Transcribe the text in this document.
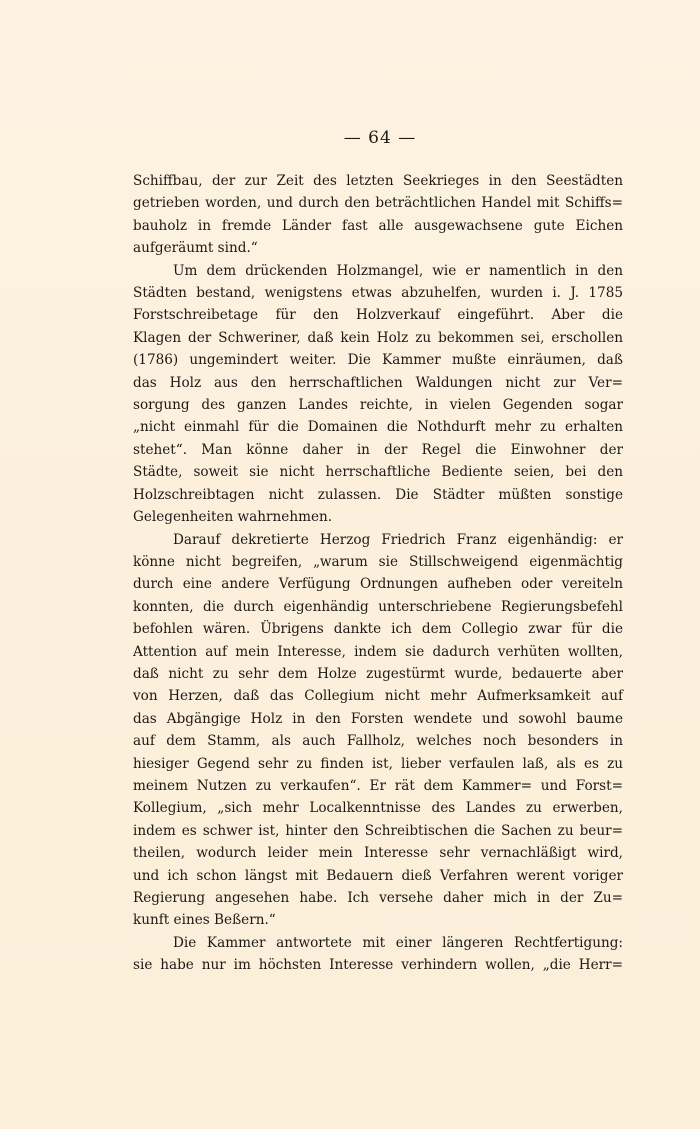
— 64 —

Schiffbau, der zur Zeit des letzten Seekrieges in den Seestädten

getrieben worden, und durch den beträchtlichen Handel mit Schiffs=

bauholz in fremde Länder fast alle ausgewachsene gute Eichen

aufgeräumt sind.“

Um dem drückenden Holzmangel, wie er namentlich in den

Städten bestand, wenigstens etwas abzuhelfen, wurden i. J. 1785

Forstschreibetage für den Holzverkauf eingeführt. Aber die

Klagen der Schweriner, daß kein Holz zu bekommen sei, erschollen

(1786) ungemindert weiter. Die Kammer mußte einräumen, daß

das Holz aus den herrschaftlichen Waldungen nicht zur Ver=

sorgung des ganzen Landes reichte, in vielen Gegenden sogar

„nicht einmahl für die Domainen die Nothdurft mehr zu erhalten

stehet“. Man könne daher in der Regel die Einwohner der

Städte, soweit sie nicht herrschaftliche Bediente seien, bei den

Holzschreibtagen nicht zulassen. Die Städter müßten sonstige

Gelegenheiten wahrnehmen.

Darauf dekretierte Herzog Friedrich Franz eigenhändig: er

könne nicht begreifen, „warum sie Stillschweigend eigenmächtig

durch eine andere Verfügung Ordnungen aufheben oder vereiteln

konnten, die durch eigenhändig unterschriebene Regierungsbefehl

befohlen wären. Übrigens dankte ich dem Collegio zwar für die

Attention auf mein Interesse, indem sie dadurch verhüten wollten,

daß nicht zu sehr dem Holze zugestürmt wurde, bedauerte aber

von Herzen, daß das Collegium nicht mehr Aufmerksamkeit auf

das Abgängige Holz in den Forsten wendete und sowohl baume

auf dem Stamm, als auch Fallholz, welches noch besonders in

hiesiger Gegend sehr zu finden ist, lieber verfaulen laß, als es zu

meinem Nutzen zu verkaufen“. Er rät dem Kammer= und Forst=

Kollegium, „sich mehr Localkenntnisse des Landes zu erwerben,

indem es schwer ist, hinter den Schreibtischen die Sachen zu beur=

theilen, wodurch leider mein Interesse sehr vernachläßigt wird,

und ich schon längst mit Bedauern dieß Verfahren werent voriger

Regierung angesehen habe. Ich versehe daher mich in der Zu=

kunft eines Beßern.“

Die Kammer antwortete mit einer längeren Rechtfertigung:

sie habe nur im höchsten Interesse verhindern wollen, „die Herr=
